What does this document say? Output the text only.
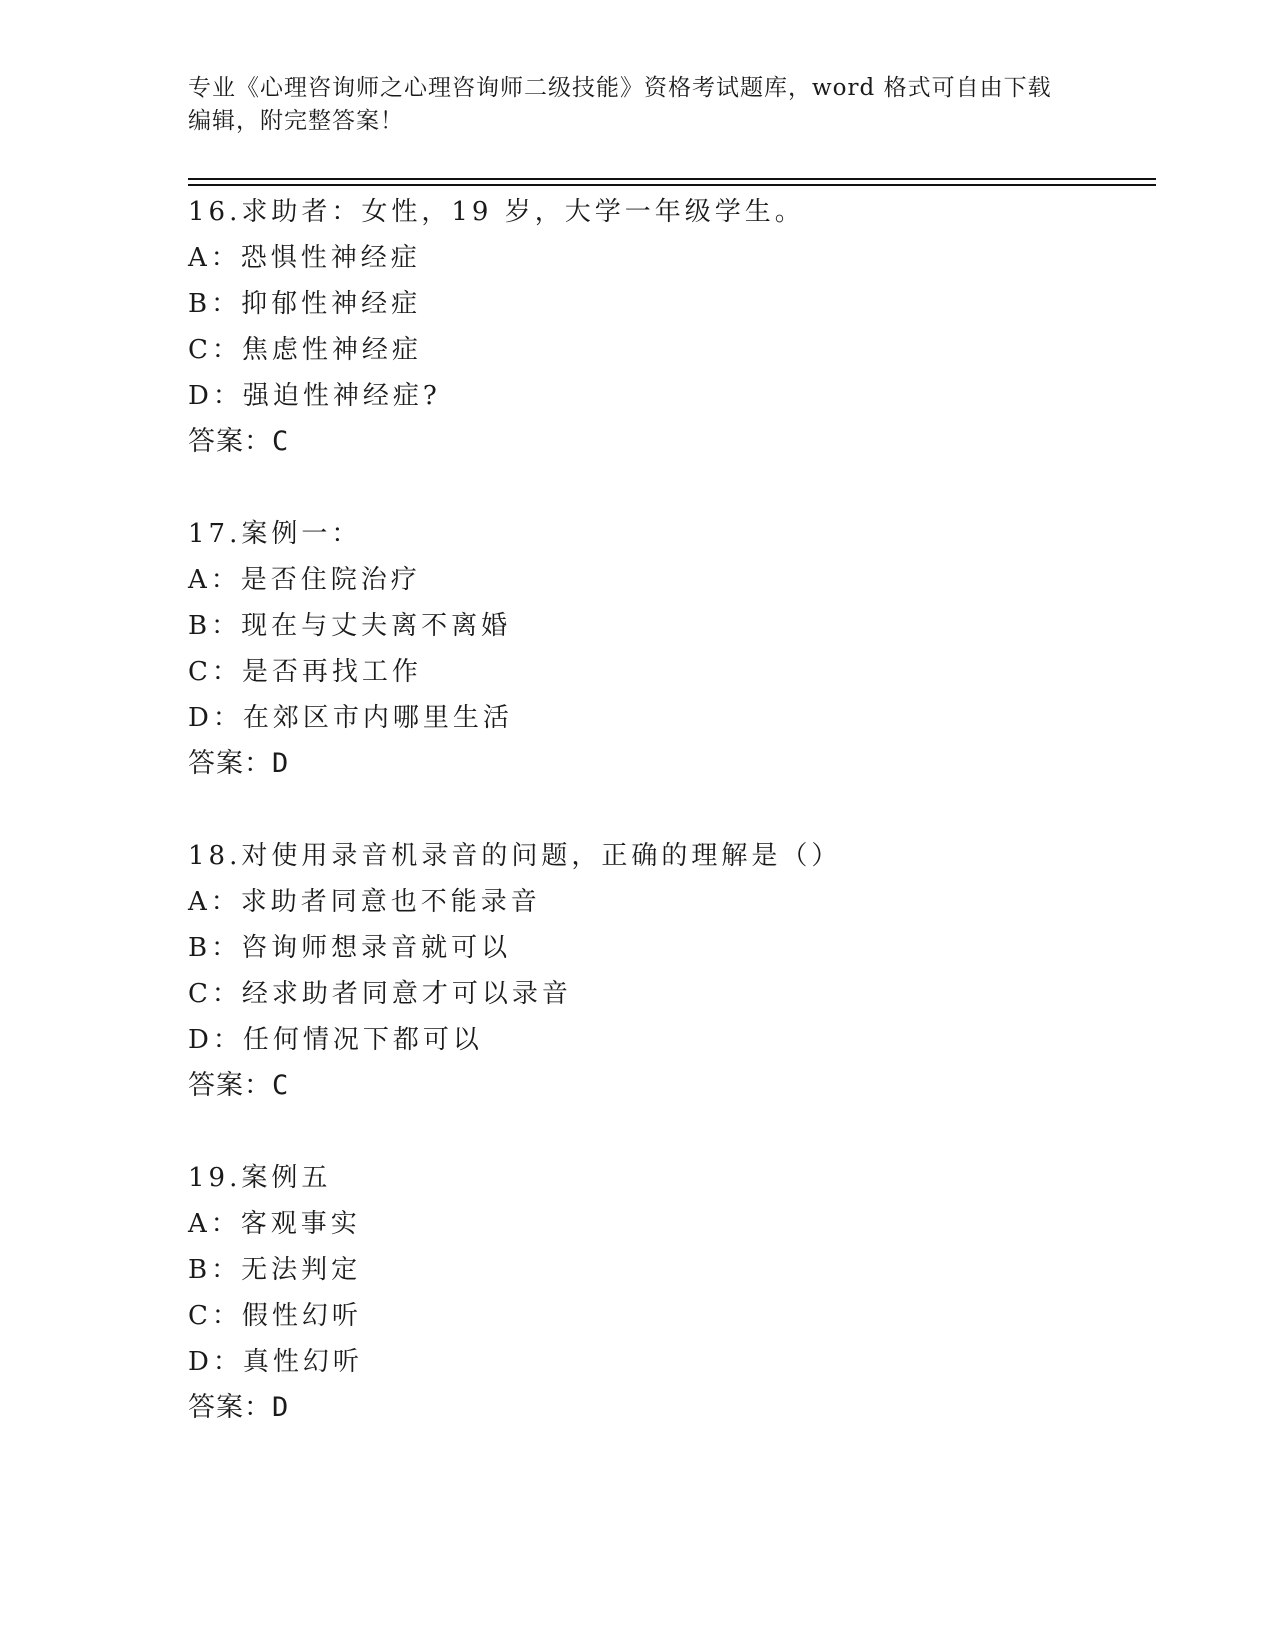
专业《心理咨询师之心理咨询师二级技能》资格考试题库，word 格式可自由下载
编辑，附完整答案！
16.求助者：女性，19 岁，大学一年级学生。
A：恐惧性神经症
B：抑郁性神经症
C：焦虑性神经症
D：强迫性神经症?
答案：C
17.案例一：
A：是否住院治疗
B：现在与丈夫离不离婚
C：是否再找工作
D：在郊区市内哪里生活
答案：D
18.对使用录音机录音的问题，正确的理解是（）
A：求助者同意也不能录音
B：咨询师想录音就可以
C：经求助者同意才可以录音
D：任何情况下都可以
答案：C
19.案例五
A：客观事实
B：无法判定
C：假性幻听
D：真性幻听
答案：D
